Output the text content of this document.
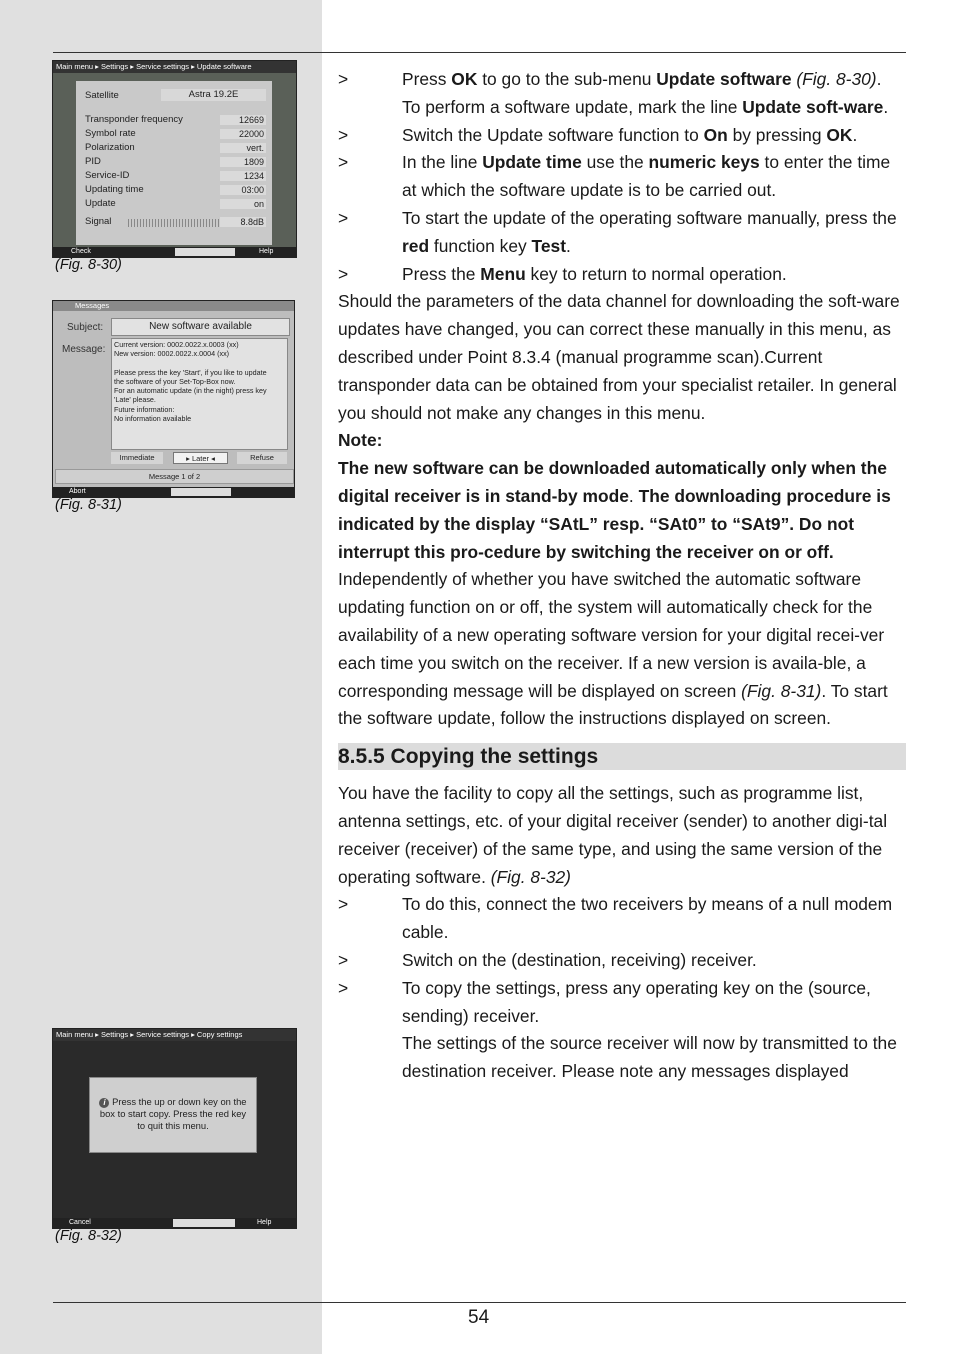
Main menu ▸ Settings ▸ Service settings ▸ Update software
Satellite	Astra 19.2E
Transponder frequency	12669
Symbol rate	22000
Polarization	vert.
PID	1809
Service-ID	1234
Updating time	03:00
Update	on
Signal	8.8dB
Check	Help
(Fig. 8-30)
Messages
Subject:	New software available
Message: Current version: 0002.0022.x.0003 (xx)
New version: 0002.0022.x.0004 (xx)
Please press the key 'Start', if you like to update
the software of your Set-Top-Box now.
For an automatic update (in the night) press key
'Late' please.
Future information:
No information available
Immediate	▸ Later ◂	Refuse
Message 1 of 2
Abort
(Fig. 8-31)
Main menu ▸ Settings ▸ Service settings ▸ Copy settings
i Press the up or down key on the
box to start copy. Press the red key
to quit this menu.
Cancel	Help
(Fig. 8-32)

>	Press OK to go to the sub-menu Update software (Fig. 8-30).

To perform a software update, mark the line Update soft-ware.

>	Switch the Update software function to On by pressing OK.

>	In the line Update time use the numeric keys to enter the time at which the software update is to be carried out.

>	To start the update of the operating software manually, press the red function key Test.

>	Press the Menu key to return to normal operation.

Should the parameters of the data channel for downloading the soft-ware updates have changed, you can correct these manually in this menu, as described under Point 8.3.4 (manual programme scan).Current transponder data can be obtained from your specialist retailer. In general you should not make any changes in this menu.

Note:

The new software can be downloaded automatically only when the digital receiver is in stand-by mode. The downloading procedure is indicated by the display “SAtL” resp. “SAt0” to “SAt9”. Do not interrupt this pro-cedure by switching the receiver on or off.

Independently of whether you have switched the automatic software updating function on or off, the system will automatically check for the availability of a new operating software version for your digital recei-ver each time you switch on the receiver. If a new version is availa-ble, a corresponding message will be displayed on screen (Fig. 8-31). To start the software update, follow the instructions displayed on screen.

8.5.5 Copying the settings

You have the facility to copy all the settings, such as programme list, antenna settings, etc. of your digital receiver (sender) to another digi-tal receiver (receiver) of the same type, and using the same version of the operating software. (Fig. 8-32)

>	To do this, connect the two receivers by means of a null modem cable.

>	Switch on the (destination, receiving) receiver.

>	To copy the settings, press any operating key on the (source, sending) receiver.

The settings of the source receiver will now by transmitted to the destination receiver. Please note any messages displayed

54
